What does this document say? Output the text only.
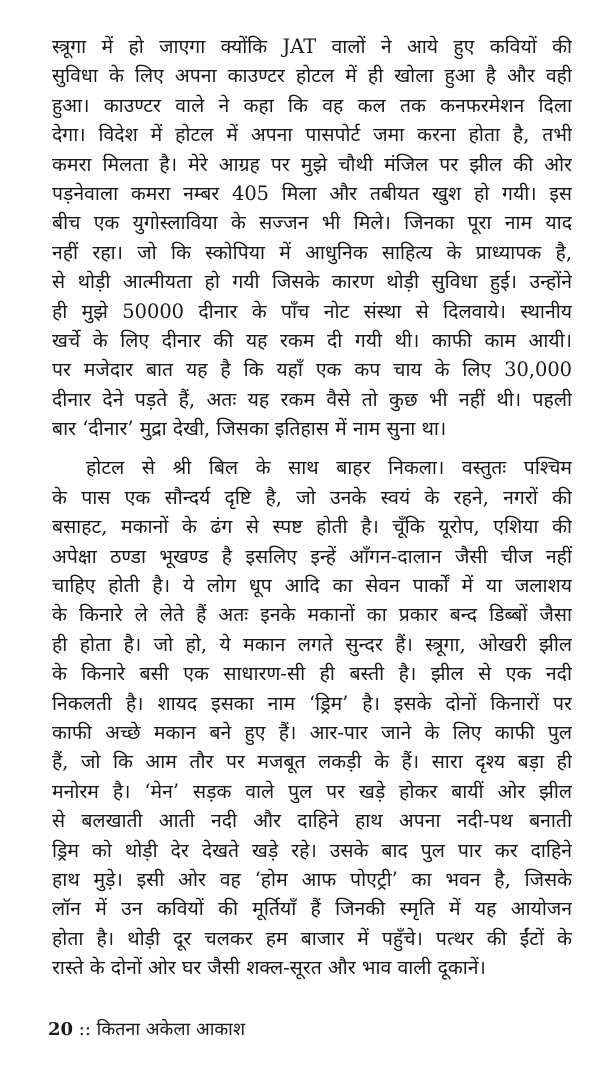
स्त्रूगा में हो जाएगा क्योंकि JAT वालों ने आये हुए कवियों की
सुविधा के लिए अपना काउण्टर होटल में ही खोला हुआ है और वही
हुआ। काउण्टर वाले ने कहा कि वह कल तक कनफरमेशन दिला
देगा। विदेश में होटल में अपना पासपोर्ट जमा करना होता है, तभी
कमरा मिलता है। मेरे आग्रह पर मुझे चौथी मंजिल पर झील की ओर
पड़नेवाला कमरा नम्बर 405 मिला और तबीयत खुश हो गयी। इस
बीच एक युगोस्लाविया के सज्जन भी मिले। जिनका पूरा नाम याद
नहीं रहा। जो कि स्कोपिया में आधुनिक साहित्य के प्राध्यापक है,
से थोड़ी आत्मीयता हो गयी जिसके कारण थोड़ी सुविधा हुई। उन्होंने
ही मुझे 50000 दीनार के पाँच नोट संस्था से दिलवाये। स्थानीय
खर्चे के लिए दीनार की यह रकम दी गयी थी। काफी काम आयी।
पर मजेदार बात यह है कि यहाँ एक कप चाय के लिए 30,000
दीनार देने पड़ते हैं, अतः यह रकम वैसे तो कुछ भी नहीं थी। पहली
बार ‘दीनार’ मुद्रा देखी, जिसका इतिहास में नाम सुना था।
होटल से श्री बिल के साथ बाहर निकला। वस्तुतः पश्चिम
के पास एक सौन्दर्य दृष्टि है, जो उनके स्वयं के रहने, नगरों की
बसाहट, मकानों के ढंग से स्पष्ट होती है। चूँकि यूरोप, एशिया की
अपेक्षा ठण्डा भूखण्ड है इसलिए इन्हें आँगन-दालान जैसी चीज नहीं
चाहिए होती है। ये लोग धूप आदि का सेवन पार्कों में या जलाशय
के किनारे ले लेते हैं अतः इनके मकानों का प्रकार बन्द डिब्बों जैसा
ही होता है। जो हो, ये मकान लगते सुन्दर हैं। स्त्रूगा, ओखरी झील
के किनारे बसी एक साधारण-सी ही बस्ती है। झील से एक नदी
निकलती है। शायद इसका नाम ‘ड्रिम’ है। इसके दोनों किनारों पर
काफी अच्छे मकान बने हुए हैं। आर-पार जाने के लिए काफी पुल
हैं, जो कि आम तौर पर मजबूत लकड़ी के हैं। सारा दृश्य बड़ा ही
मनोरम है। ‘मेन’ सड़क वाले पुल पर खड़े होकर बायीं ओर झील
से बलखाती आती नदी और दाहिने हाथ अपना नदी-पथ बनाती
ड्रिम को थोड़ी देर देखते खड़े रहे। उसके बाद पुल पार कर दाहिने
हाथ मुड़े। इसी ओर वह ‘होम आफ पोएट्री’ का भवन है, जिसके
लॉन में उन कवियों की मूर्तियाँ हैं जिनकी स्मृति में यह आयोजन
होता है। थोड़ी दूर चलकर हम बाजार में पहुँचे। पत्थर की ईंटों के
रास्ते के दोनों ओर घर जैसी शक्ल-सूरत और भाव वाली दूकानें।
20 :: कितना अकेला आकाश
